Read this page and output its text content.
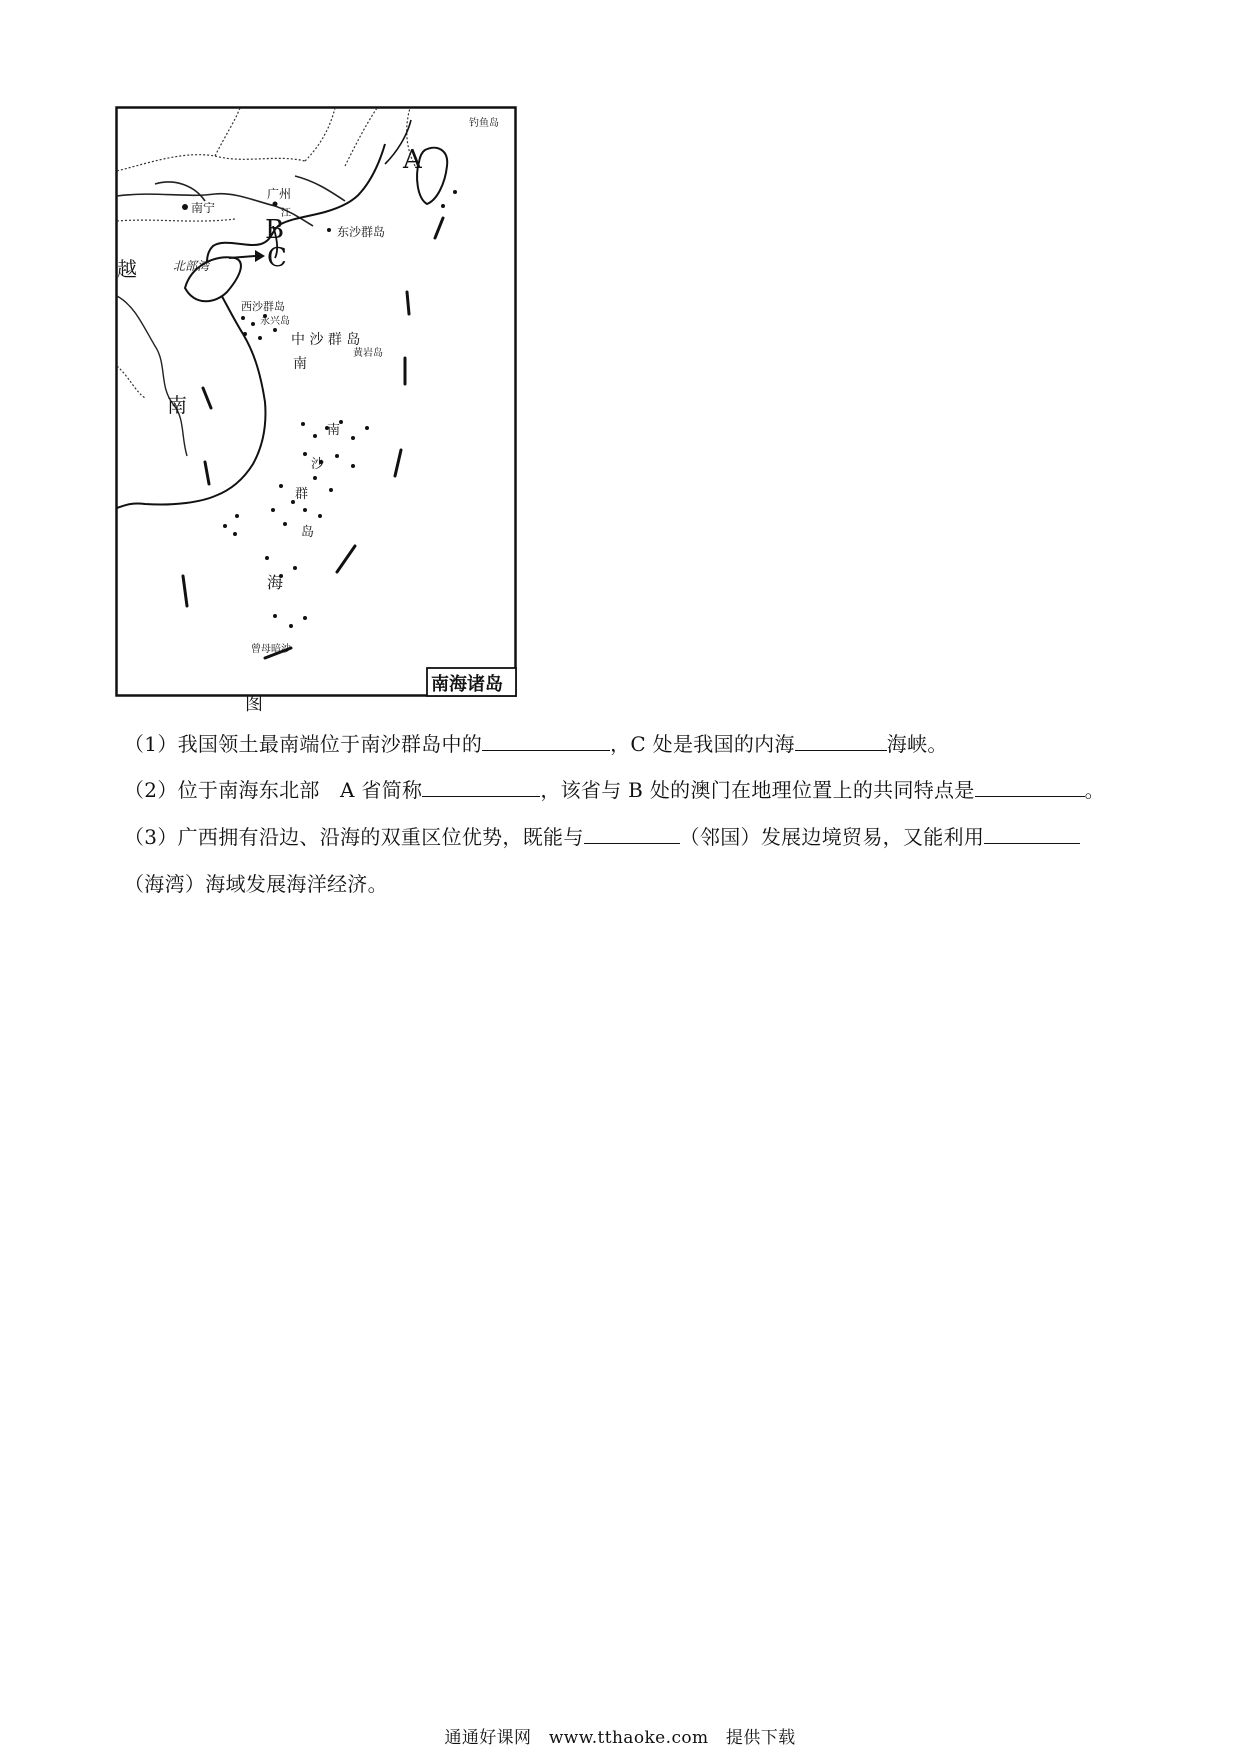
A
B
C
钓鱼岛
南宁
广州
江
北部湾
越
东沙群岛
西沙群岛
永兴岛
中 沙 群 岛
黄岩岛
南
南
南
沙
群
岛
海
曾母暗沙
图
南海诸岛
（1）我国领土最南端位于南沙群岛中的	，C 处是我国的内海	海峡。
（2）位于南海东北部　A 省简称	，该省与 B 处的澳门在地理位置上的共同特点是	。
（3）广西拥有沿边、沿海的双重区位优势，既能与	（邻国）发展边境贸易，又能利用
（海湾）海域发展海洋经济。
通通好课网　www.tthaoke.com　提供下载
